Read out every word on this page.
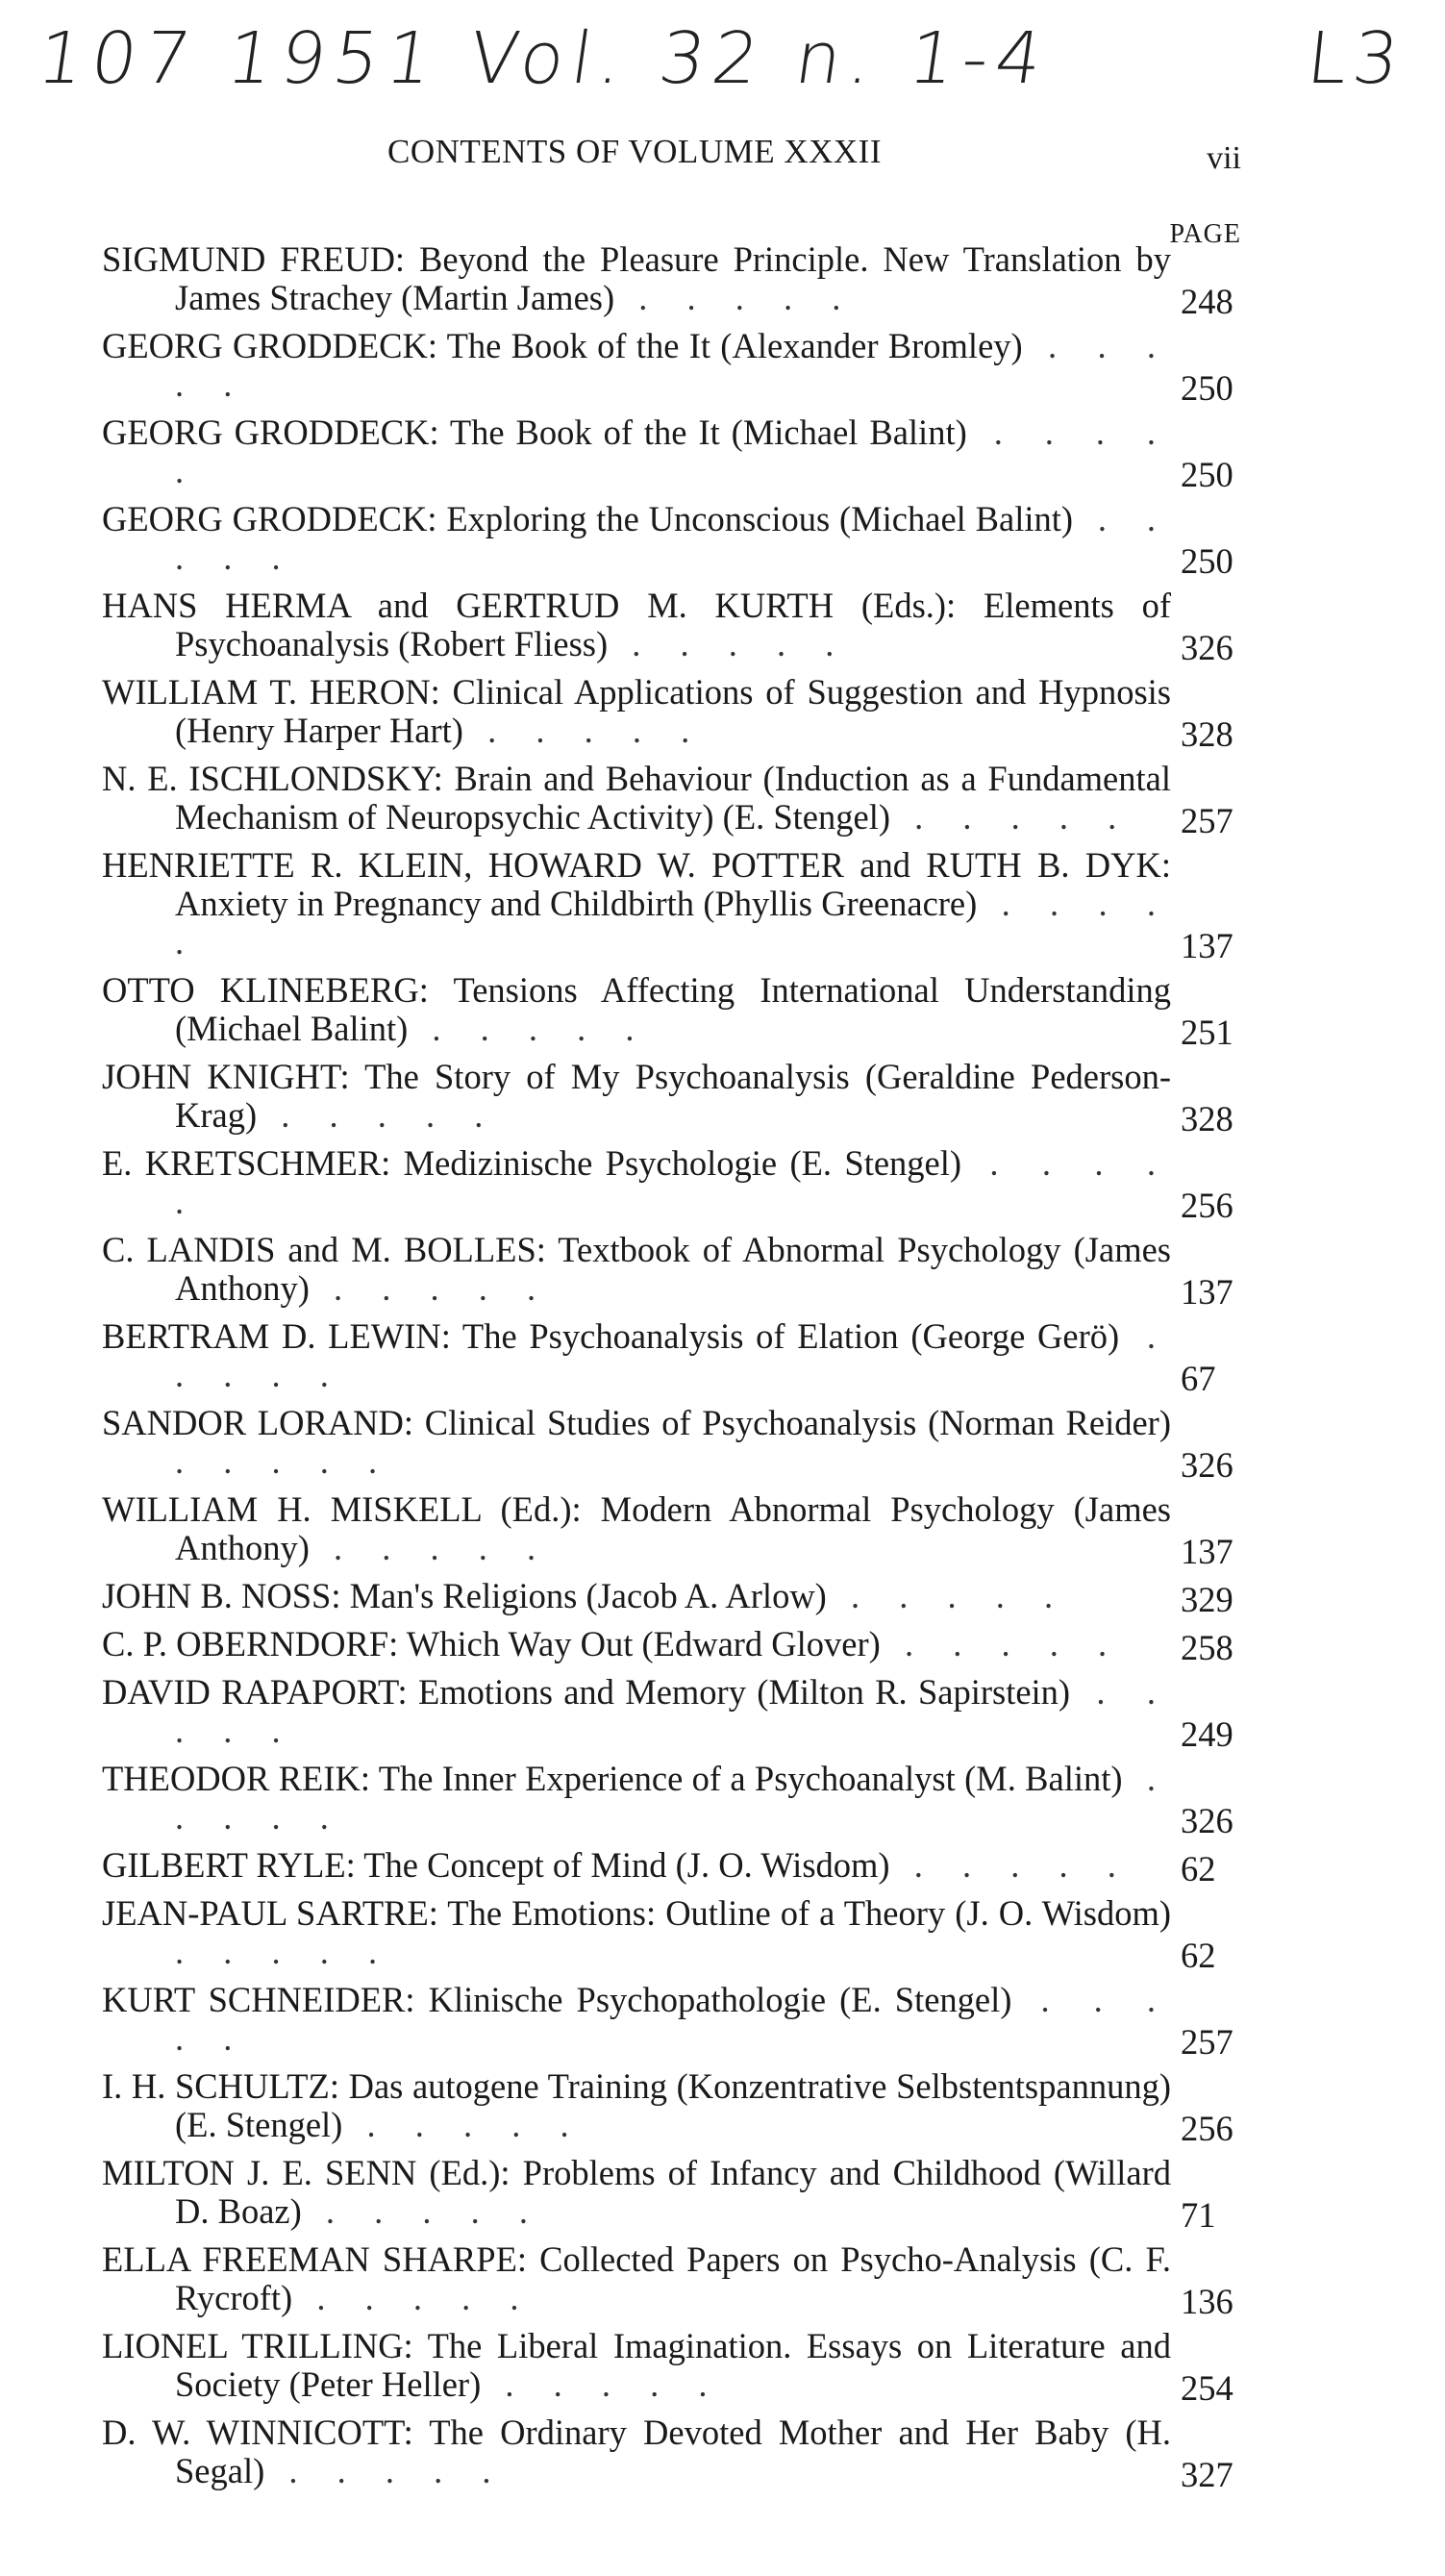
107 1951 Vol. 32 n. 1-4	L3
CONTENTS OF VOLUME XXXII	vii
PAGE
SIGMUND FREUD: Beyond the Pleasure Principle. New Translation by James Strachey (Martin James) . . . . .	248
GEORG GRODDECK: The Book of the It (Alexander Bromley) . . . . .	250
GEORG GRODDECK: The Book of the It (Michael Balint) . . . . .	250
GEORG GRODDECK: Exploring the Unconscious (Michael Balint) . . . . .	250
HANS HERMA and GERTRUD M. KURTH (Eds.): Elements of Psychoanalysis (Robert Fliess) . . . . .	326
WILLIAM T. HERON: Clinical Applications of Suggestion and Hypnosis (Henry Harper Hart) . . . . .	328
N. E. ISCHLONDSKY: Brain and Behaviour (Induction as a Fundamental Mechanism of Neuropsychic Activity) (E. Stengel) . . . . . 257
HENRIETTE R. KLEIN, HOWARD W. POTTER and RUTH B. DYK: Anxiety in Pregnancy and Childbirth (Phyllis Greenacre) . . . . .	137
OTTO KLINEBERG: Tensions Affecting International Understanding (Michael Balint) . . . . .	251
JOHN KNIGHT: The Story of My Psychoanalysis (Geraldine Pederson-Krag) . . . . .	328
E. KRETSCHMER: Medizinische Psychologie (E. Stengel) . . . . .	256
C. LANDIS and M. BOLLES: Textbook of Abnormal Psychology (James Anthony) . . . . .	137
BERTRAM D. LEWIN: The Psychoanalysis of Elation (George Gerö) . . . . .	67
SANDOR LORAND: Clinical Studies of Psychoanalysis (Norman Reider) . . . . .	326
WILLIAM H. MISKELL (Ed.): Modern Abnormal Psychology (James Anthony) . . . . .	137
JOHN B. NOSS: Man's Religions (Jacob A. Arlow) . . . . .	329
C. P. OBERNDORF: Which Way Out (Edward Glover) . . . . . 258
DAVID RAPAPORT: Emotions and Memory (Milton R. Sapirstein) . . . . .	249
THEODOR REIK: The Inner Experience of a Psychoanalyst (M. Balint) . . . . .	326
GILBERT RYLE: The Concept of Mind (J. O. Wisdom) . . . . . 62
JEAN-PAUL SARTRE: The Emotions: Outline of a Theory (J. O. Wisdom) . . . . .	62
KURT SCHNEIDER: Klinische Psychopathologie (E. Stengel) . . . . .	257
I. H. SCHULTZ: Das autogene Training (Konzentrative Selbstentspannung) (E. Stengel) . . . . .	256
MILTON J. E. SENN (Ed.): Problems of Infancy and Childhood (Willard D. Boaz) . . . . .	71
ELLA FREEMAN SHARPE: Collected Papers on Psycho-Analysis (C. F. Rycroft) . . . . .	136
LIONEL TRILLING: The Liberal Imagination. Essays on Literature and Society (Peter Heller) . . . . .	254
D. W. WINNICOTT: The Ordinary Devoted Mother and Her Baby (H. Segal) . . . . .	327
